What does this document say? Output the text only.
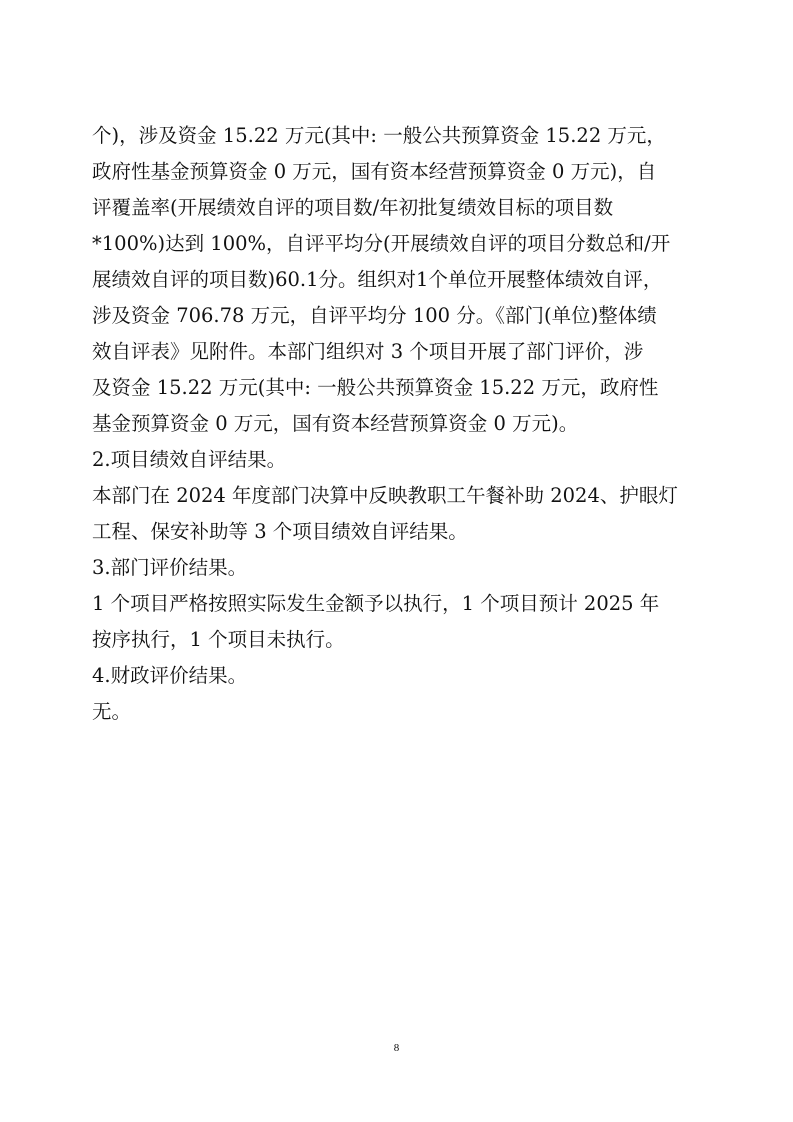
个)，涉及资金 15.22 万元(其中: 一般公共预算资金 15.22 万元，
政府性基金预算资金 0 万元，国有资本经营预算资金 0 万元)，自
评覆盖率(开展绩效自评的项目数/年初批复绩效目标的项目数
*100%)达到 100%，自评平均分(开展绩效自评的项目分数总和/开
展绩效自评的项目数)60.1分。组织对1个单位开展整体绩效自评，
涉及资金 706.78 万元，自评平均分 100 分。《部门(单位)整体绩
效自评表》见附件。本部门组织对 3 个项目开展了部门评价，涉
及资金 15.22 万元(其中: 一般公共预算资金 15.22 万元，政府性
基金预算资金 0 万元，国有资本经营预算资金 0 万元)。
2.项目绩效自评结果。
本部门在 2024 年度部门决算中反映教职工午餐补助 2024、护眼灯
工程、保安补助等 3 个项目绩效自评结果。
3.部门评价结果。
1 个项目严格按照实际发生金额予以执行，1 个项目预计 2025 年
按序执行，1 个项目未执行。
4.财政评价结果。
无。
8
